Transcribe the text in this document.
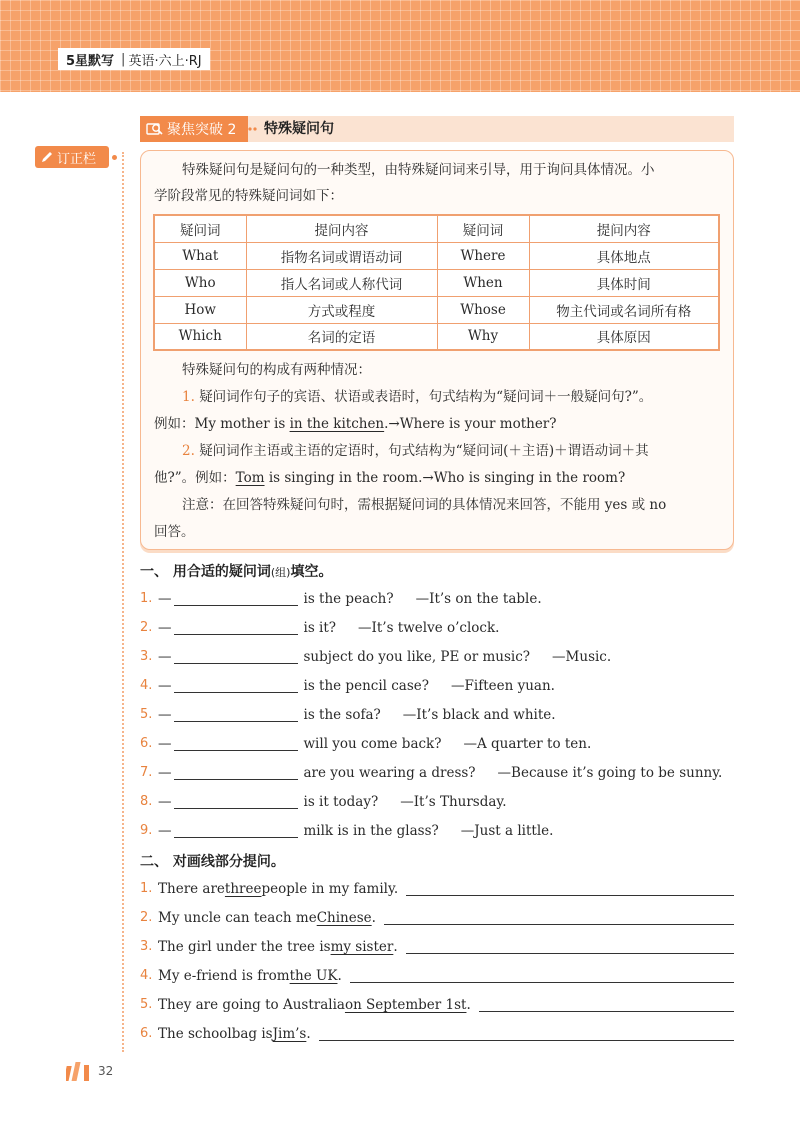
5星默写 | 英语·六上·RJ
聚焦突破 2 特殊疑问句
订正栏
特殊疑问句是疑问句的一种类型，由特殊疑问词来引导，用于询问具体情况。小
学阶段常见的特殊疑问词如下：
疑问词	提问内容	疑问词	提问内容
What	指物名词或谓语动词	Where	具体地点
Who	指人名词或人称代词	When	具体时间
How	方式或程度	Whose	物主代词或名词所有格
Which	名词的定语	Why	具体原因
特殊疑问句的构成有两种情况：
1. 疑问词作句子的宾语、状语或表语时，句式结构为“疑问词＋一般疑问句?”。
例如：My mother is in the kitchen.→Where is your mother?
2. 疑问词作主语或主语的定语时，句式结构为“疑问词(＋主语)＋谓语动词＋其
他?”。例如：Tom is singing in the room.→Who is singing in the room?
注意：在回答特殊疑问句时，需根据疑问词的具体情况来回答，不能用 yes 或 no
回答。
一、 用合适的疑问词(组)填空。
1. —	is the peach? —It’s on the table.
2. —	is it? —It’s twelve o’clock.
3. —	subject do you like, PE or music? —Music.
4. —	is the pencil case? —Fifteen yuan.
5. —	is the sofa? —It’s black and white.
6. —	will you come back? —A quarter to ten.
7. —	are you wearing a dress? —Because it’s going to be sunny.
8. —	is it today? —It’s Thursday.
9. —	milk is in the glass? —Just a little.
二、 对画线部分提问。
1. There are three people in my family.
2. My uncle can teach me Chinese .
3. The girl under the tree is my sister .
4. My e-friend is from the UK .
5. They are going to Australia on September 1st .
6. The schoolbag is Jim’s .
32
